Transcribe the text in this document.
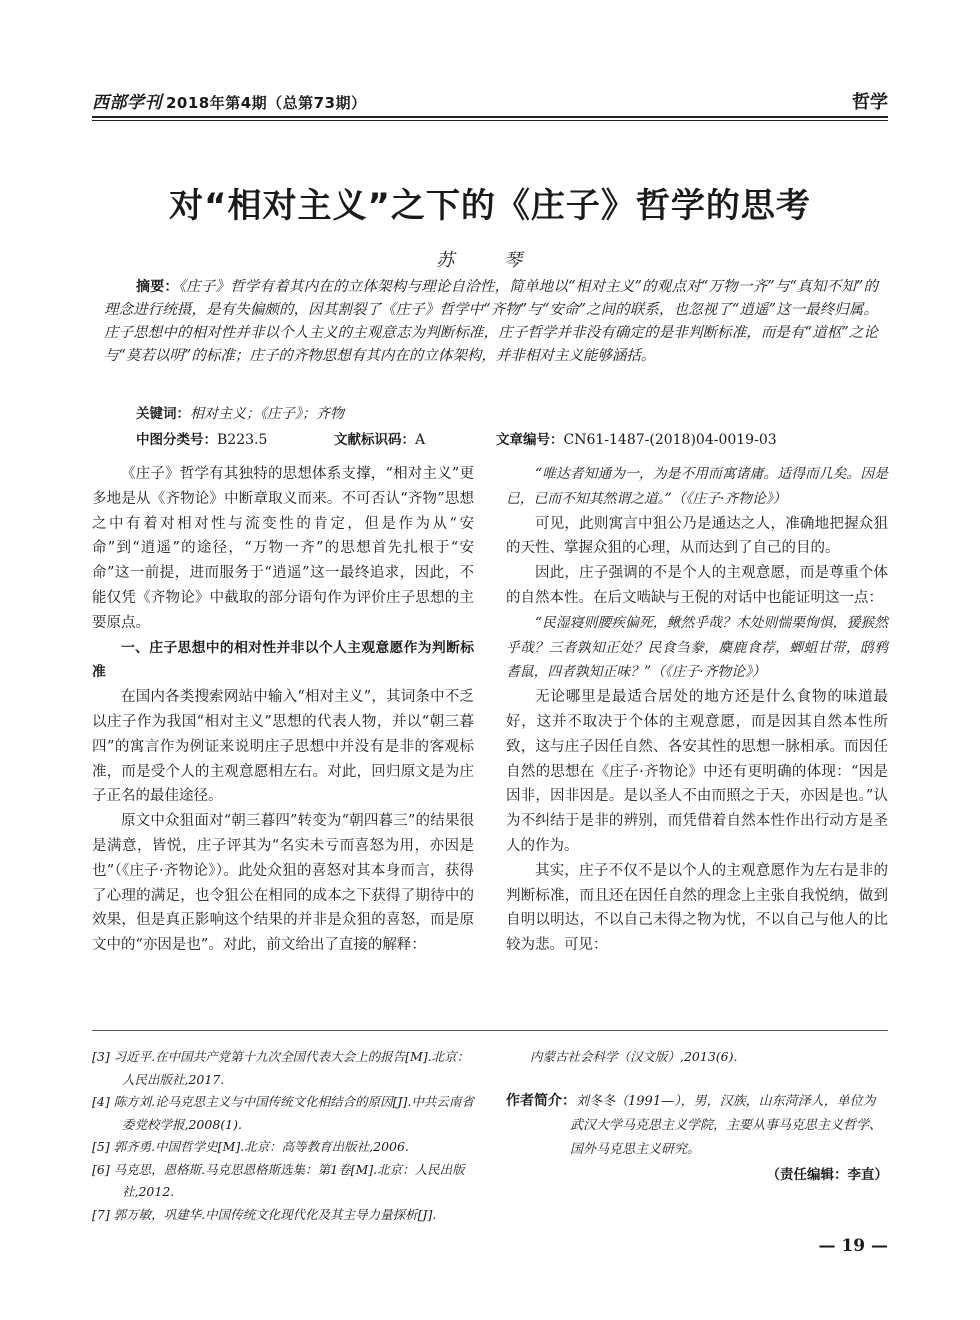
西部学刊 2018年第4期（总第73期）	哲学
对“相对主义”之下的《庄子》哲学的思考
苏 琴
摘要：《庄子》哲学有着其内在的立体架构与理论自洽性，简单地以“相对主义”的观点对“万物一齐”与“真知不知”的理念进行统摄，是有失偏颇的，因其割裂了《庄子》哲学中“齐物”与“安命”之间的联系，也忽视了“逍遥”这一最终归属。庄子思想中的相对性并非以个人主义的主观意志为判断标准，庄子哲学并非没有确定的是非判断标准，而是有“道枢”之论与“莫若以明”的标准；庄子的齐物思想有其内在的立体架构，并非相对主义能够涵括。
关键词：相对主义；《庄子》；齐物
中图分类号：B223.5	文献标识码：A	文章编号：CN61-1487-(2018)04-0019-03

《庄子》哲学有其独特的思想体系支撑，“相对主义”更多地是从《齐物论》中断章取义而来。不可否认“齐物”思想之中有着对相对性与流变性的肯定，但是作为从“安命”到“逍遥”的途径，“万物一齐”的思想首先扎根于“安命”这一前提，进而服务于“逍遥”这一最终追求，因此，不能仅凭《齐物论》中截取的部分语句作为评价庄子思想的主要原点。

一、庄子思想中的相对性并非以个人主观意愿作为判断标准

在国内各类搜索网站中输入“相对主义”，其词条中不乏以庄子作为我国“相对主义”思想的代表人物，并以“朝三暮四”的寓言作为例证来说明庄子思想中并没有是非的客观标准，而是受个人的主观意愿相左右。对此，回归原文是为庄子正名的最佳途径。

原文中众狙面对“朝三暮四”转变为“朝四暮三”的结果很是满意，皆悦，庄子评其为“名实未亏而喜怒为用，亦因是也”（《庄子·齐物论》）。此处众狙的喜怒对其本身而言，获得了心理的满足，也令狙公在相同的成本之下获得了期待中的效果，但是真正影响这个结果的并非是众狙的喜怒，而是原文中的“亦因是也”。对此，前文给出了直接的解释：

“唯达者知通为一，为是不用而寓诸庸。适得而几矣。因是已，已而不知其然谓之道。”（《庄子·齐物论》）

可见，此则寓言中狙公乃是通达之人，准确地把握众狙的天性、掌握众狙的心理，从而达到了自己的目的。

因此，庄子强调的不是个人的主观意愿，而是尊重个体的自然本性。在后文啮缺与王倪的对话中也能证明这一点：

“民湿寝则腰疾偏死，鳅然乎哉？木处则惴栗恂惧，猨猴然乎哉？三者孰知正处？民食刍豢，麋鹿食荐，蝍蛆甘带，鸱鸦耆鼠，四者孰知正味？”（《庄子·齐物论》）

无论哪里是最适合居处的地方还是什么食物的味道最好，这并不取决于个体的主观意愿，而是因其自然本性所致，这与庄子因任自然、各安其性的思想一脉相承。而因任自然的思想在《庄子·齐物论》中还有更明确的体现：“因是因非，因非因是。是以圣人不由而照之于天，亦因是也。”认为不纠结于是非的辨别，而凭借着自然本性作出行动方是圣人的作为。

其实，庄子不仅不是以个人的主观意愿作为左右是非的判断标准，而且还在因任自然的理念上主张自我悦纳，做到自明以明达，不以自己未得之物为忧，不以自己与他人的比较为悲。可见：

[3] 习近平.在中国共产党第十九次全国代表大会上的报告[M].北京：人民出版社,2017.

[4] 陈方刘.论马克思主义与中国传统文化相结合的原因[J].中共云南省委党校学报,2008(1).

[5] 郭齐勇.中国哲学史[M].北京：高等教育出版社,2006.

[6] 马克思，恩格斯.马克思恩格斯选集：第1卷[M].北京：人民出版社,2012.

[7] 郭万敏，巩建华.中国传统文化现代化及其主导力量探析[J].

内蒙古社会科学（汉文版）,2013(6).

作者简介：刘冬冬（1991—），男，汉族，山东菏泽人，单位为武汉大学马克思主义学院，主要从事马克思主义哲学、国外马克思主义研究。
（责任编辑：李直）
— 19 —
